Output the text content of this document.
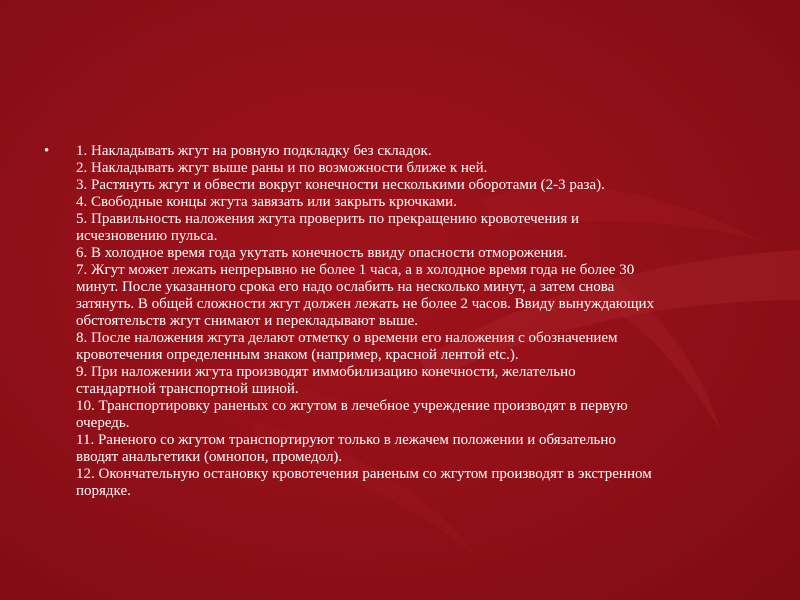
•	1. Накладывать жгут на ровную подкладку без складок.
2. Накладывать жгут выше раны и по возможности ближе к ней.
3. Растянуть жгут и обвести вокруг конечности несколькими оборотами (2-3 раза).
4. Свободные концы жгута завязать или закрыть крючками.
5. Правильность наложения жгута проверить по прекращению кровотечения и
исчезновению пульса.
6. В холодное время года укутать конечность ввиду опасности отморожения.
7. Жгут может лежать непрерывно не более 1 часа, а в холодное время года не более 30
минут. После указанного срока его надо ослабить на несколько минут, а затем снова
затянуть. В общей сложности жгут должен лежать не более 2 часов. Ввиду вынуждающих
обстоятельств жгут снимают и перекладывают выше.
8. После наложения жгута делают отметку о времени его наложения с обозначением
кровотечения определенным знаком (например, красной лентой etc.).
9. При наложении жгута производят иммобилизацию конечности, желательно
стандартной транспортной шиной.
10. Транспортировку раненых со жгутом в лечебное учреждение производят в первую
очередь.
11. Раненого со жгутом транспортируют только в лежачем положении и обязательно
вводят анальгетики (омнопон, промедол).
12. Окончательную остановку кровотечения раненым со жгутом производят в экстренном
порядке.
